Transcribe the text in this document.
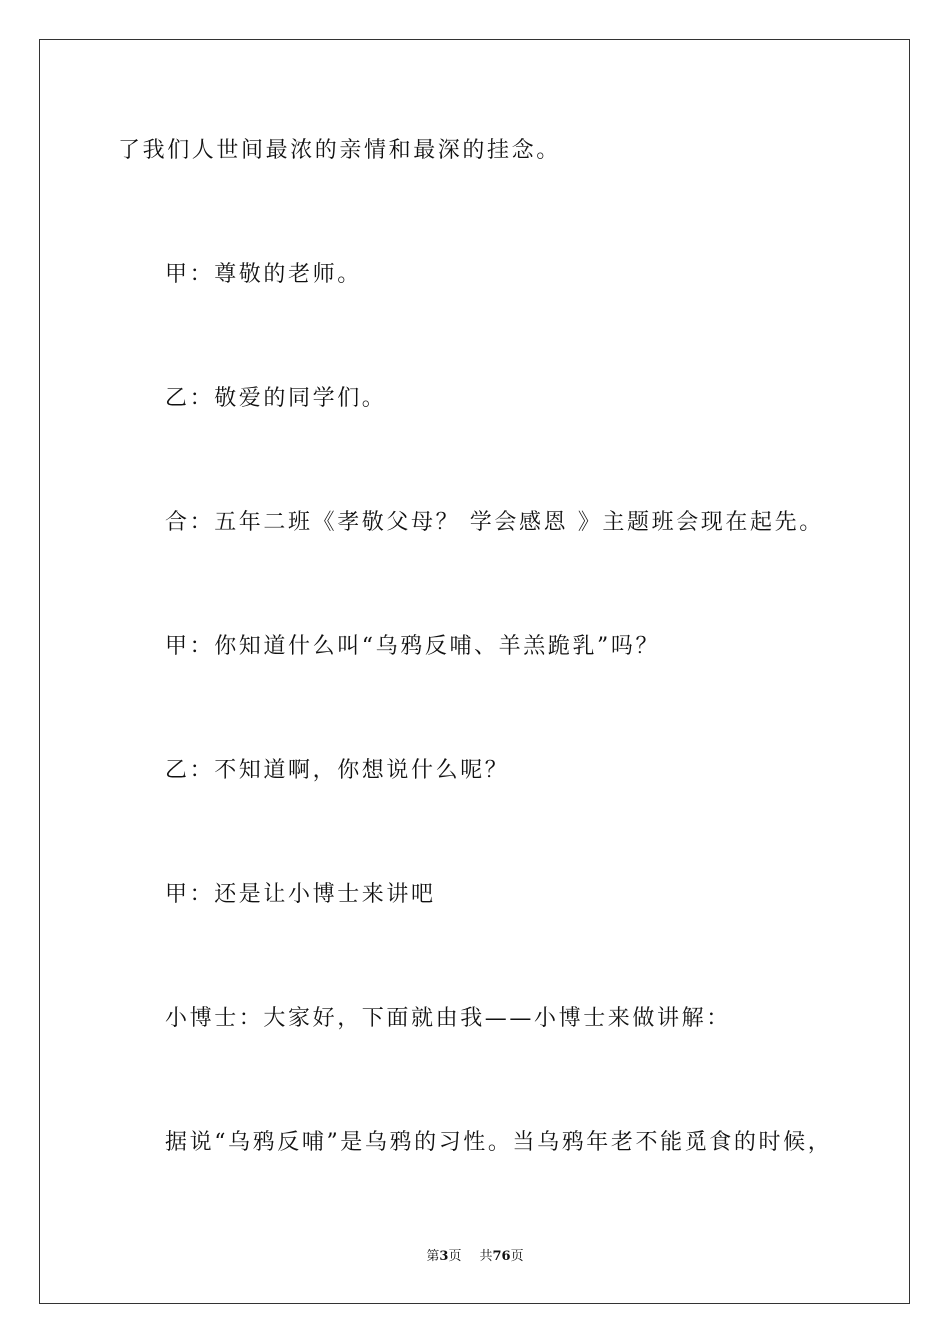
了我们人世间最浓的亲情和最深的挂念。
甲：尊敬的老师。
乙：敬爱的同学们。
合：五年二班《孝敬父母？ 学会感恩 》主题班会现在起先。
甲：你知道什么叫“乌鸦反哺、羊羔跪乳”吗？
乙：不知道啊，你想说什么呢？
甲：还是让小博士来讲吧
小博士：大家好，下面就由我——小博士来做讲解：
据说“乌鸦反哺”是乌鸦的习性。当乌鸦年老不能觅食的时候，
第3页 共76页
